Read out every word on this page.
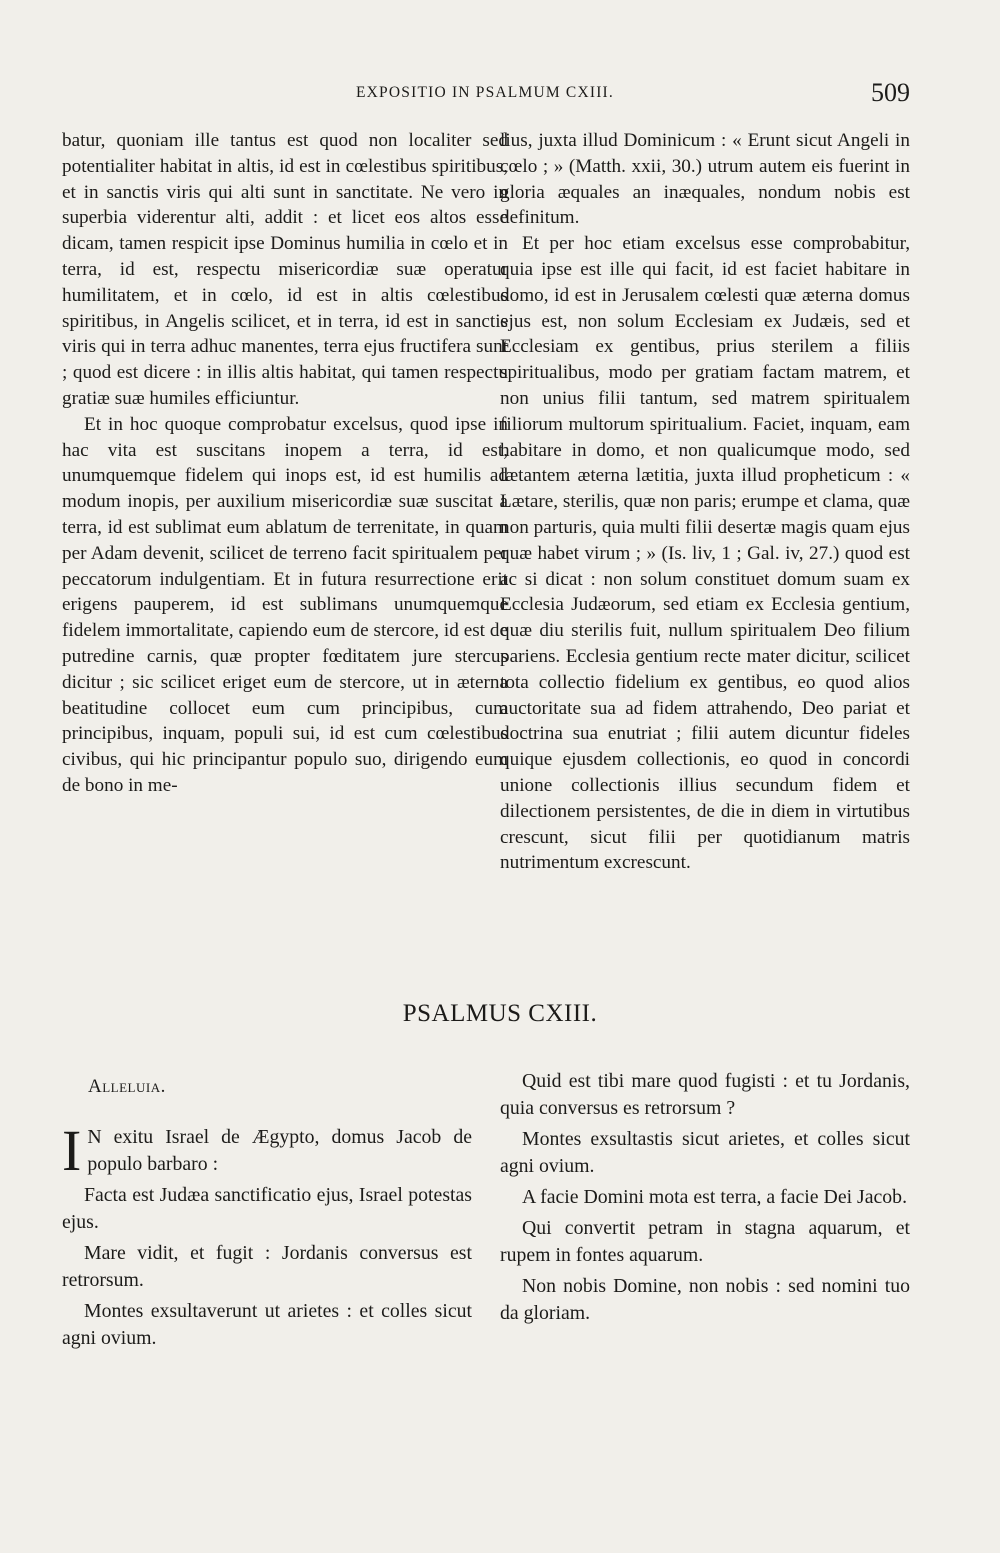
EXPOSITIO IN PSALMUM CXIII.	509

batur, quoniam ille tantus est quod non localiter sed potentialiter habitat in altis, id est in cœlestibus spiritibus, et in sanctis viris qui alti sunt in sanctitate. Ne vero in superbia viderentur alti, addit : et licet eos altos esse dicam, tamen respicit ipse Dominus humilia in cœlo et in terra, id est, respectu misericordiæ suæ operatur humilitatem, et in cœlo, id est in altis cœlestibus spiritibus, in Angelis scilicet, et in terra, id est in sanctis viris qui in terra adhuc manentes, terra ejus fructifera sunt ; quod est dicere : in illis altis habitat, qui tamen respectu gratiæ suæ humiles efficiuntur.

Et in hoc quoque comprobatur excelsus, quod ipse in hac vita est suscitans inopem a terra, id est, unumquemque fidelem qui inops est, id est humilis ad modum inopis, per auxilium misericordiæ suæ suscitat a terra, id est sublimat eum ablatum de terrenitate, in quam per Adam devenit, scilicet de terreno facit spiritualem per peccatorum indulgentiam. Et in futura resurrectione erit erigens pauperem, id est sublimans unumquemque fidelem immortalitate, capiendo eum de stercore, id est de putredine carnis, quæ propter fœditatem jure stercus dicitur ; sic scilicet eriget eum de stercore, ut in æterna beatitudine collocet eum cum principibus, cum principibus, inquam, populi sui, id est cum cœlestibus civibus, qui hic principantur populo suo, dirigendo eum de bono in me-

lius, juxta illud Dominicum : « Erunt sicut Angeli in cœlo ; » (Matth. xxii, 30.) utrum autem eis fuerint in gloria æquales an inæquales, nondum nobis est definitum.

Et per hoc etiam excelsus esse comprobabitur, quia ipse est ille qui facit, id est faciet habitare in domo, id est in Jerusalem cœlesti quæ æterna domus ejus est, non solum Ecclesiam ex Judæis, sed et Ecclesiam ex gentibus, prius sterilem a filiis spiritualibus, modo per gratiam factam matrem, et non unius filii tantum, sed matrem spiritualem filiorum multorum spiritualium. Faciet, inquam, eam habitare in domo, et non qualicumque modo, sed lætantem æterna lætitia, juxta illud propheticum : « Lætare, sterilis, quæ non paris; erumpe et clama, quæ non parturis, quia multi filii desertæ magis quam ejus quæ habet virum ; » (Is. liv, 1 ; Gal. iv, 27.) quod est ac si dicat : non solum constituet domum suam ex Ecclesia Judæorum, sed etiam ex Ecclesia gentium, quæ diu sterilis fuit, nullum spiritualem Deo filium pariens. Ecclesia gentium recte mater dicitur, scilicet tota collectio fidelium ex gentibus, eo quod alios auctoritate sua ad fidem attrahendo, Deo pariat et doctrina sua enutriat ; filii autem dicuntur fideles quique ejusdem collectionis, eo quod in concordi unione collectionis illius secundum fidem et dilectionem persistentes, de die in diem in virtutibus crescunt, sicut filii per quotidianum matris nutrimentum excrescunt.

PSALMUS CXIII.
Alleluia.

I N exitu Israel de Ægypto, domus Jacob de populo barbaro :

Facta est Judæa sanctificatio ejus, Israel potestas ejus.

Mare vidit, et fugit : Jordanis conversus est retrorsum.

Montes exsultaverunt ut arietes : et colles sicut agni ovium.

Quid est tibi mare quod fugisti : et tu Jordanis, quia conversus es retrorsum ?

Montes exsultastis sicut arietes, et colles sicut agni ovium.

A facie Domini mota est terra, a facie Dei Jacob.

Qui convertit petram in stagna aquarum, et rupem in fontes aquarum.

Non nobis Domine, non nobis : sed nomini tuo da gloriam.
